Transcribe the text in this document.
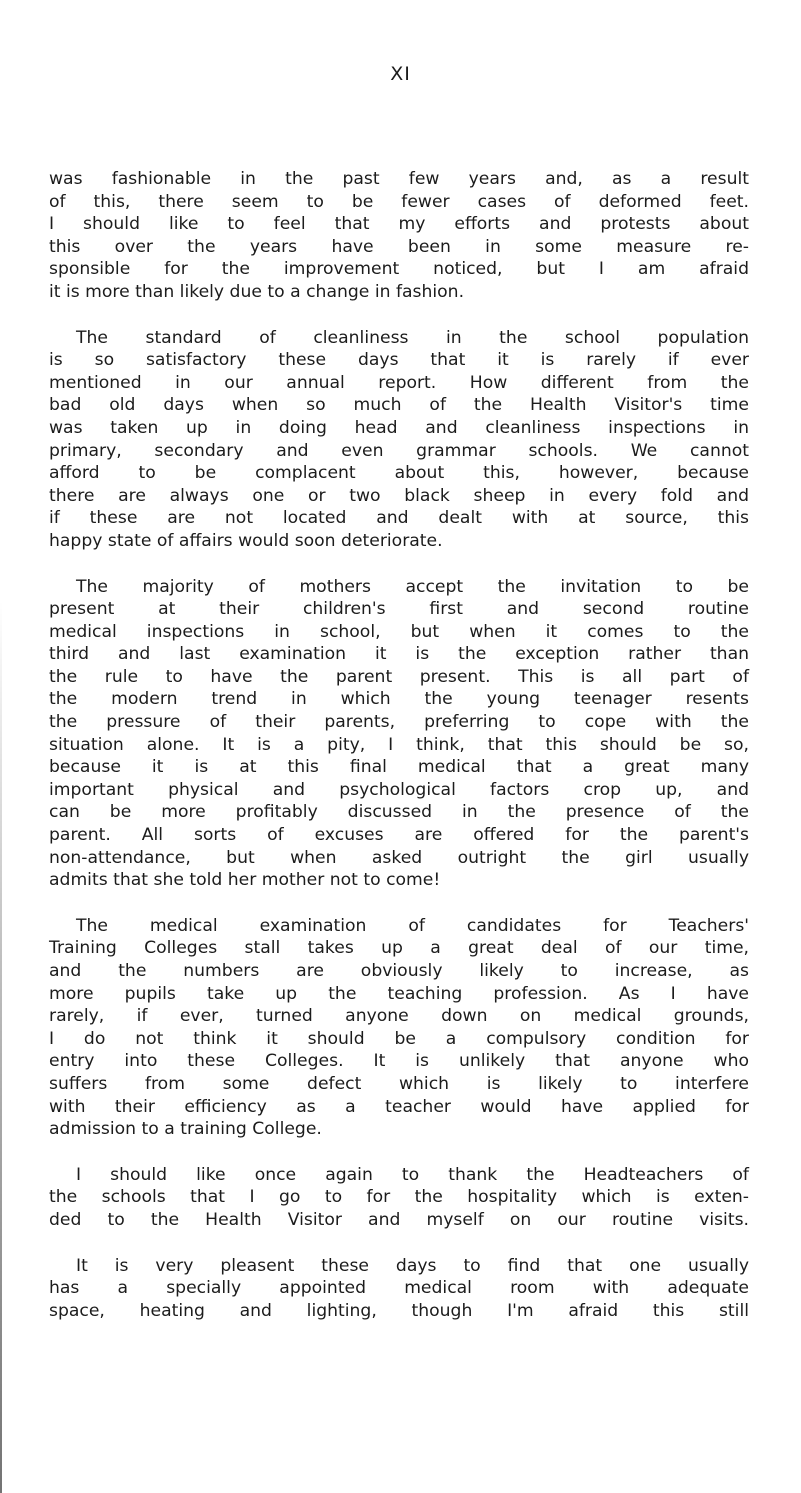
XI
was fashionable in the past few years and, as a result
of this, there seem to be fewer cases of deformed feet.
I should like to feel that my efforts and protests about
this over the years have been in some measure re-
sponsible for the improvement noticed, but I am afraid
it is more than likely due to a change in fashion.
The standard of cleanliness in the school population
is so satisfactory these days that it is rarely if ever
mentioned in our annual report. How different from the
bad old days when so much of the Health Visitor's time
was taken up in doing head and cleanliness inspections in
primary, secondary and even grammar schools. We cannot
afford to be complacent about this, however, because
there are always one or two black sheep in every fold and
if these are not located and dealt with at source, this
happy state of affairs would soon deteriorate.
The majority of mothers accept the invitation to be
present at their children's first and second routine
medical inspections in school, but when it comes to the
third and last examination it is the exception rather than
the rule to have the parent present. This is all part of
the modern trend in which the young teenager resents
the pressure of their parents, preferring to cope with the
situation alone. It is a pity, I think, that this should be so,
because it is at this final medical that a great many
important physical and psychological factors crop up, and
can be more profitably discussed in the presence of the
parent. All sorts of excuses are offered for the parent's
non-attendance, but when asked outright the girl usually
admits that she told her mother not to come!
The medical examination of candidates for Teachers'
Training Colleges stall takes up a great deal of our time,
and the numbers are obviously likely to increase, as
more pupils take up the teaching profession. As I have
rarely, if ever, turned anyone down on medical grounds,
I do not think it should be a compulsory condition for
entry into these Colleges. It is unlikely that anyone who
suffers from some defect which is likely to interfere
with their efficiency as a teacher would have applied for
admission to a training College.
I should like once again to thank the Headteachers of
the schools that I go to for the hospitality which is exten-
ded to the Health Visitor and myself on our routine visits.
It is very pleasent these days to find that one usually
has a specially appointed medical room with adequate
space, heating and lighting, though I'm afraid this still
